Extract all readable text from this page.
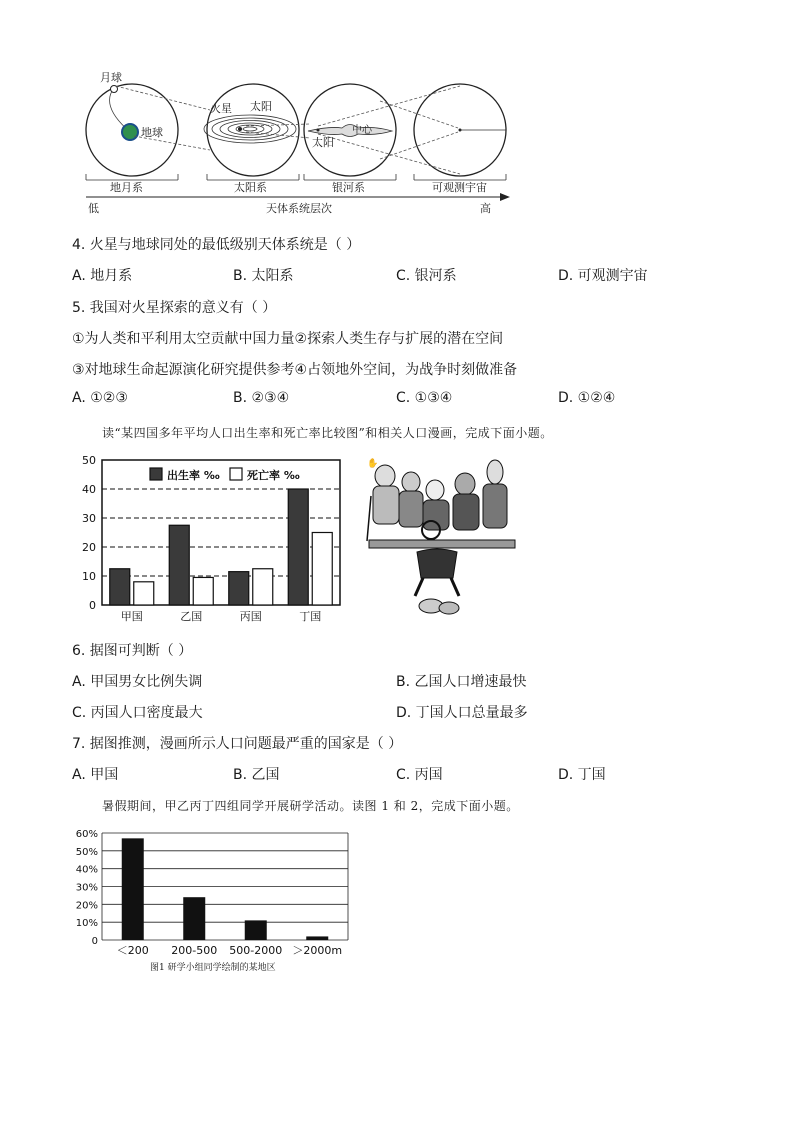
月球
地球
火星 太阳
中心
太阳
地月系	太阳系	银河系	可观测宇宙
低	天体系统层次	高
4. 火星与地球同处的最低级别天体系统是（ ）
A. 地月系	B. 太阳系	C. 银河系	D. 可观测宇宙
5. 我国对火星探索的意义有（ ）
①为人类和平利用太空贡献中国力量②探索人类生存与扩展的潜在空间
③对地球生命起源演化研究提供参考④占领地外空间，为战争时刻做准备
A. ①②③	B. ②③④	C. ①③④	D. ①②④
读“某四国多年平均人口出生率和死亡率比较图”和相关人口漫画，完成下面小题。
0
10
20
30
40
50
甲国	乙国	丙国	丁国
出生率 ‰ 死亡率 ‰
✋
6. 据图可判断（ ）
A. 甲国男女比例失调	B. 乙国人口增速最快
C. 丙国人口密度最大	D. 丁国人口总量最多
7. 据图推测，漫画所示人口问题最严重的国家是（ ）
A. 甲国	B. 乙国	C. 丙国	D. 丁国
暑假期间，甲乙丙丁四组同学开展研学活动。读图 1 和 2，完成下面小题。
0
10%
20%
30%
40%
50%
60%
＜200 200-500 500-2000 ＞2000m
图1 研学小组同学绘制的某地区
